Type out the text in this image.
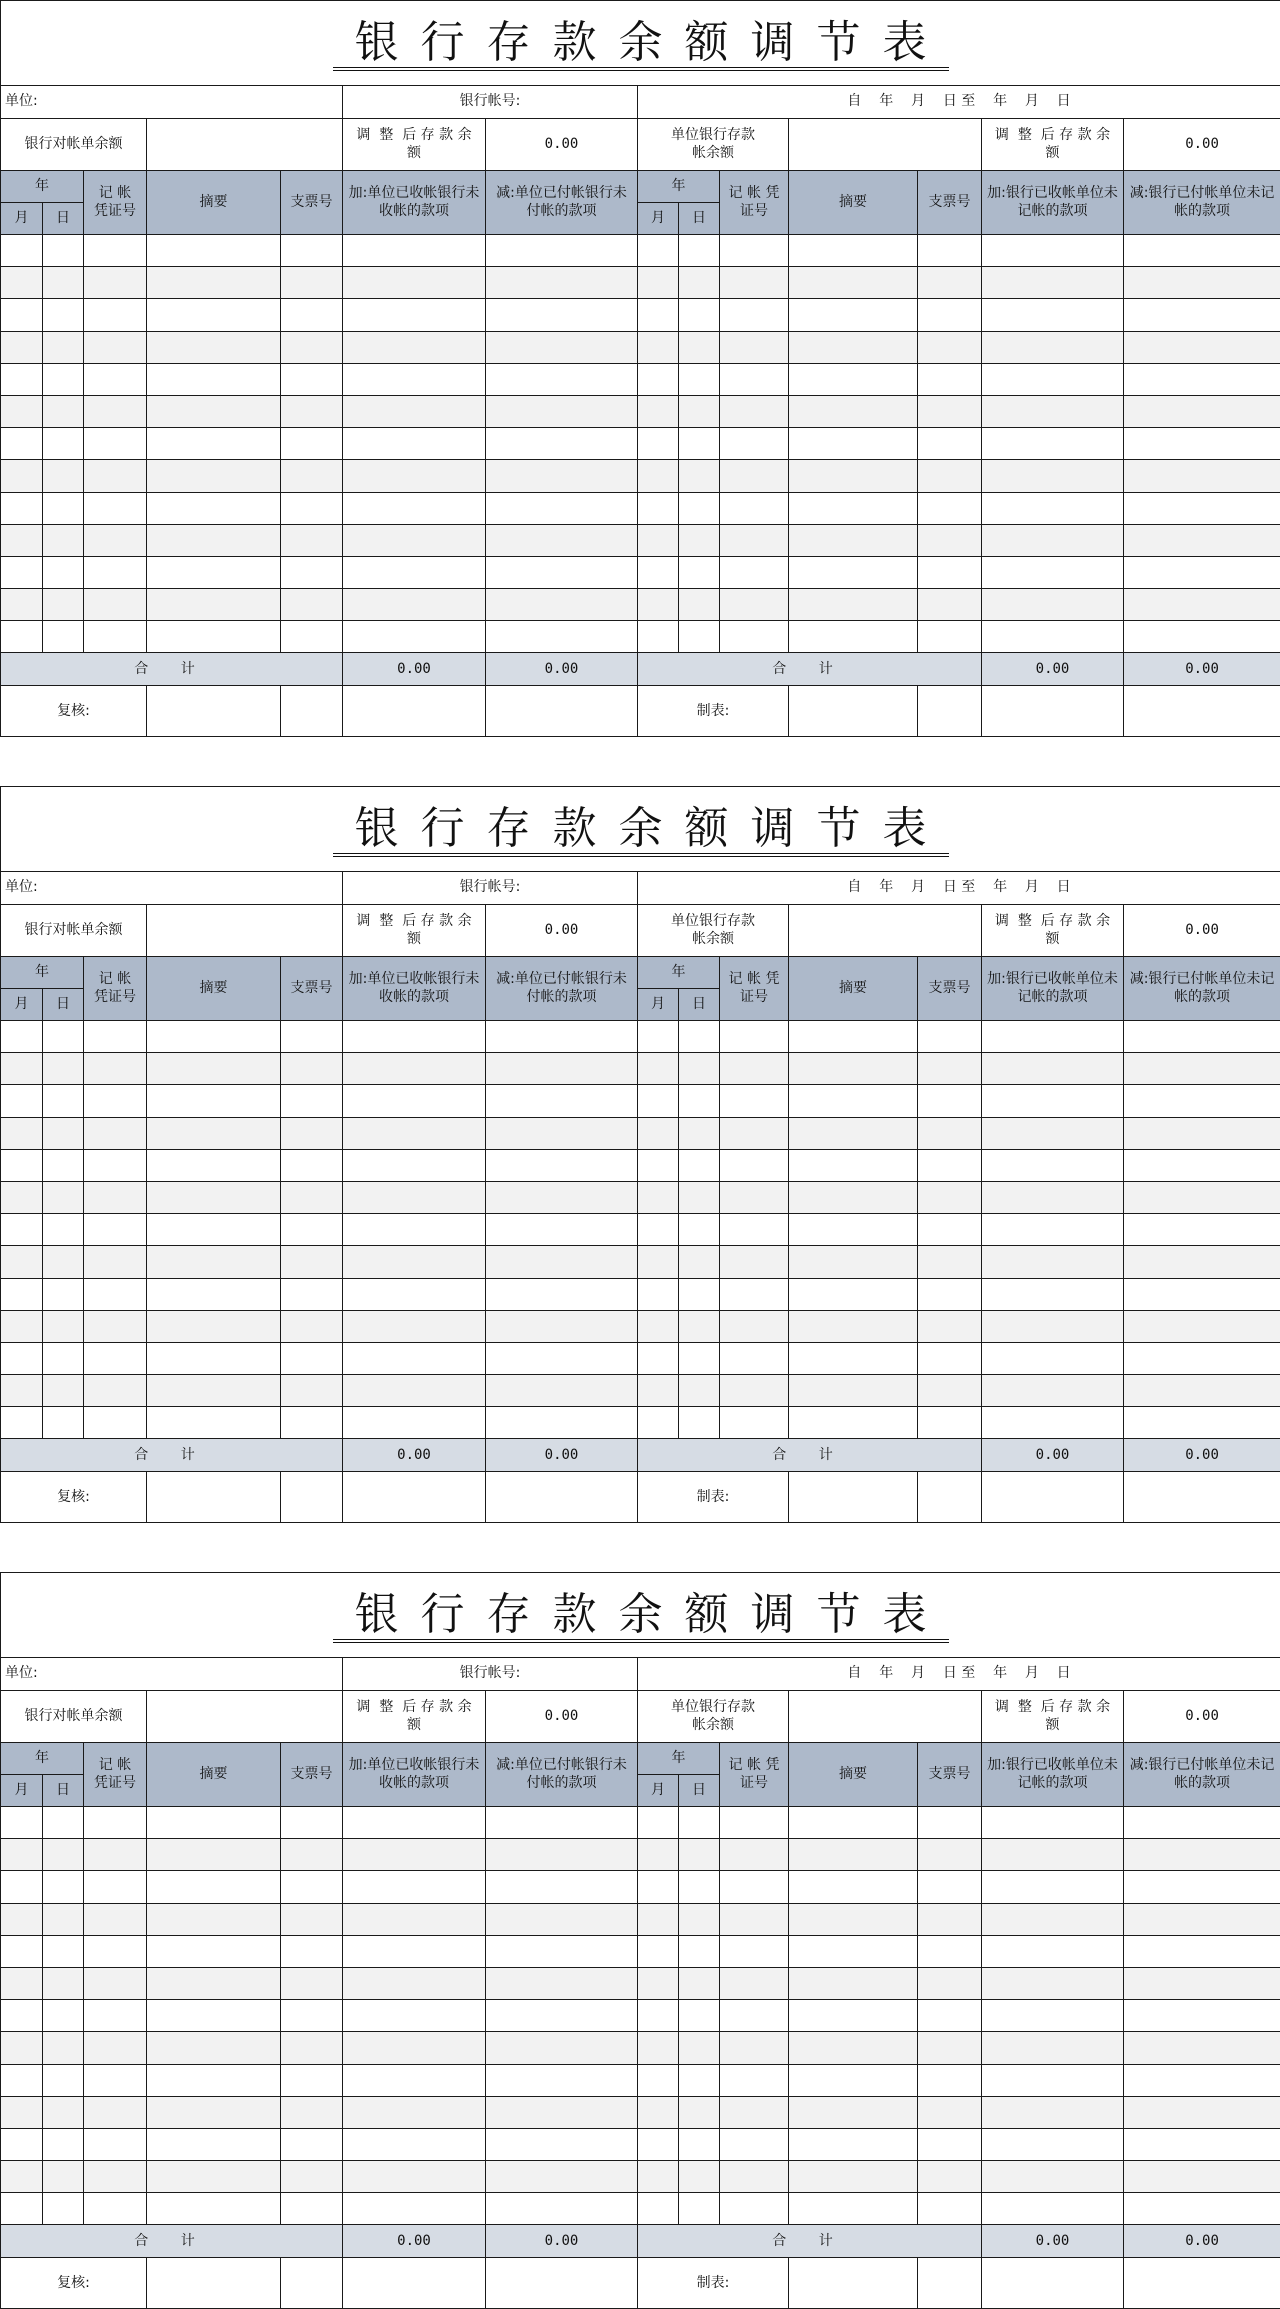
银行存款余额调节表													
单位:					银行帐号:		自    年    月    日 至    年    月    日						
银行对帐单余额					调  整  后 存 款 余 额	0.00	单位银行存款帐余额					调  整  后 存 款 余 额	0.00
年		记 帐 凭证号	摘要	支票号	加:单位已收帐银行未收帐的款项	减:单位已付帐银行未付帐的款项	年		记 帐 凭证号	摘要	支票号	加:银行已收帐单位未记帐的款项	减:银行已付帐单位未记帐的款项
月	日						月	日					

合 计					0.00	0.00	合 计					0.00	0.00
复核:							制表:						
银行存款余额调节表													
单位:					银行帐号:		自    年    月    日 至    年    月    日						
银行对帐单余额					调  整  后 存 款 余 额	0.00	单位银行存款帐余额					调  整  后 存 款 余 额	0.00
年		记 帐 凭证号	摘要	支票号	加:单位已收帐银行未收帐的款项	减:单位已付帐银行未付帐的款项	年		记 帐 凭证号	摘要	支票号	加:银行已收帐单位未记帐的款项	减:银行已付帐单位未记帐的款项
月	日						月	日					

合 计					0.00	0.00	合 计					0.00	0.00
复核:							制表:						
银行存款余额调节表													
单位:					银行帐号:		自    年    月    日 至    年    月    日						
银行对帐单余额					调  整  后 存 款 余 额	0.00	单位银行存款帐余额					调  整  后 存 款 余 额	0.00
年		记 帐 凭证号	摘要	支票号	加:单位已收帐银行未收帐的款项	减:单位已付帐银行未付帐的款项	年		记 帐 凭证号	摘要	支票号	加:银行已收帐单位未记帐的款项	减:银行已付帐单位未记帐的款项
月	日						月	日					

合 计					0.00	0.00	合 计					0.00	0.00
复核:							制表:						
